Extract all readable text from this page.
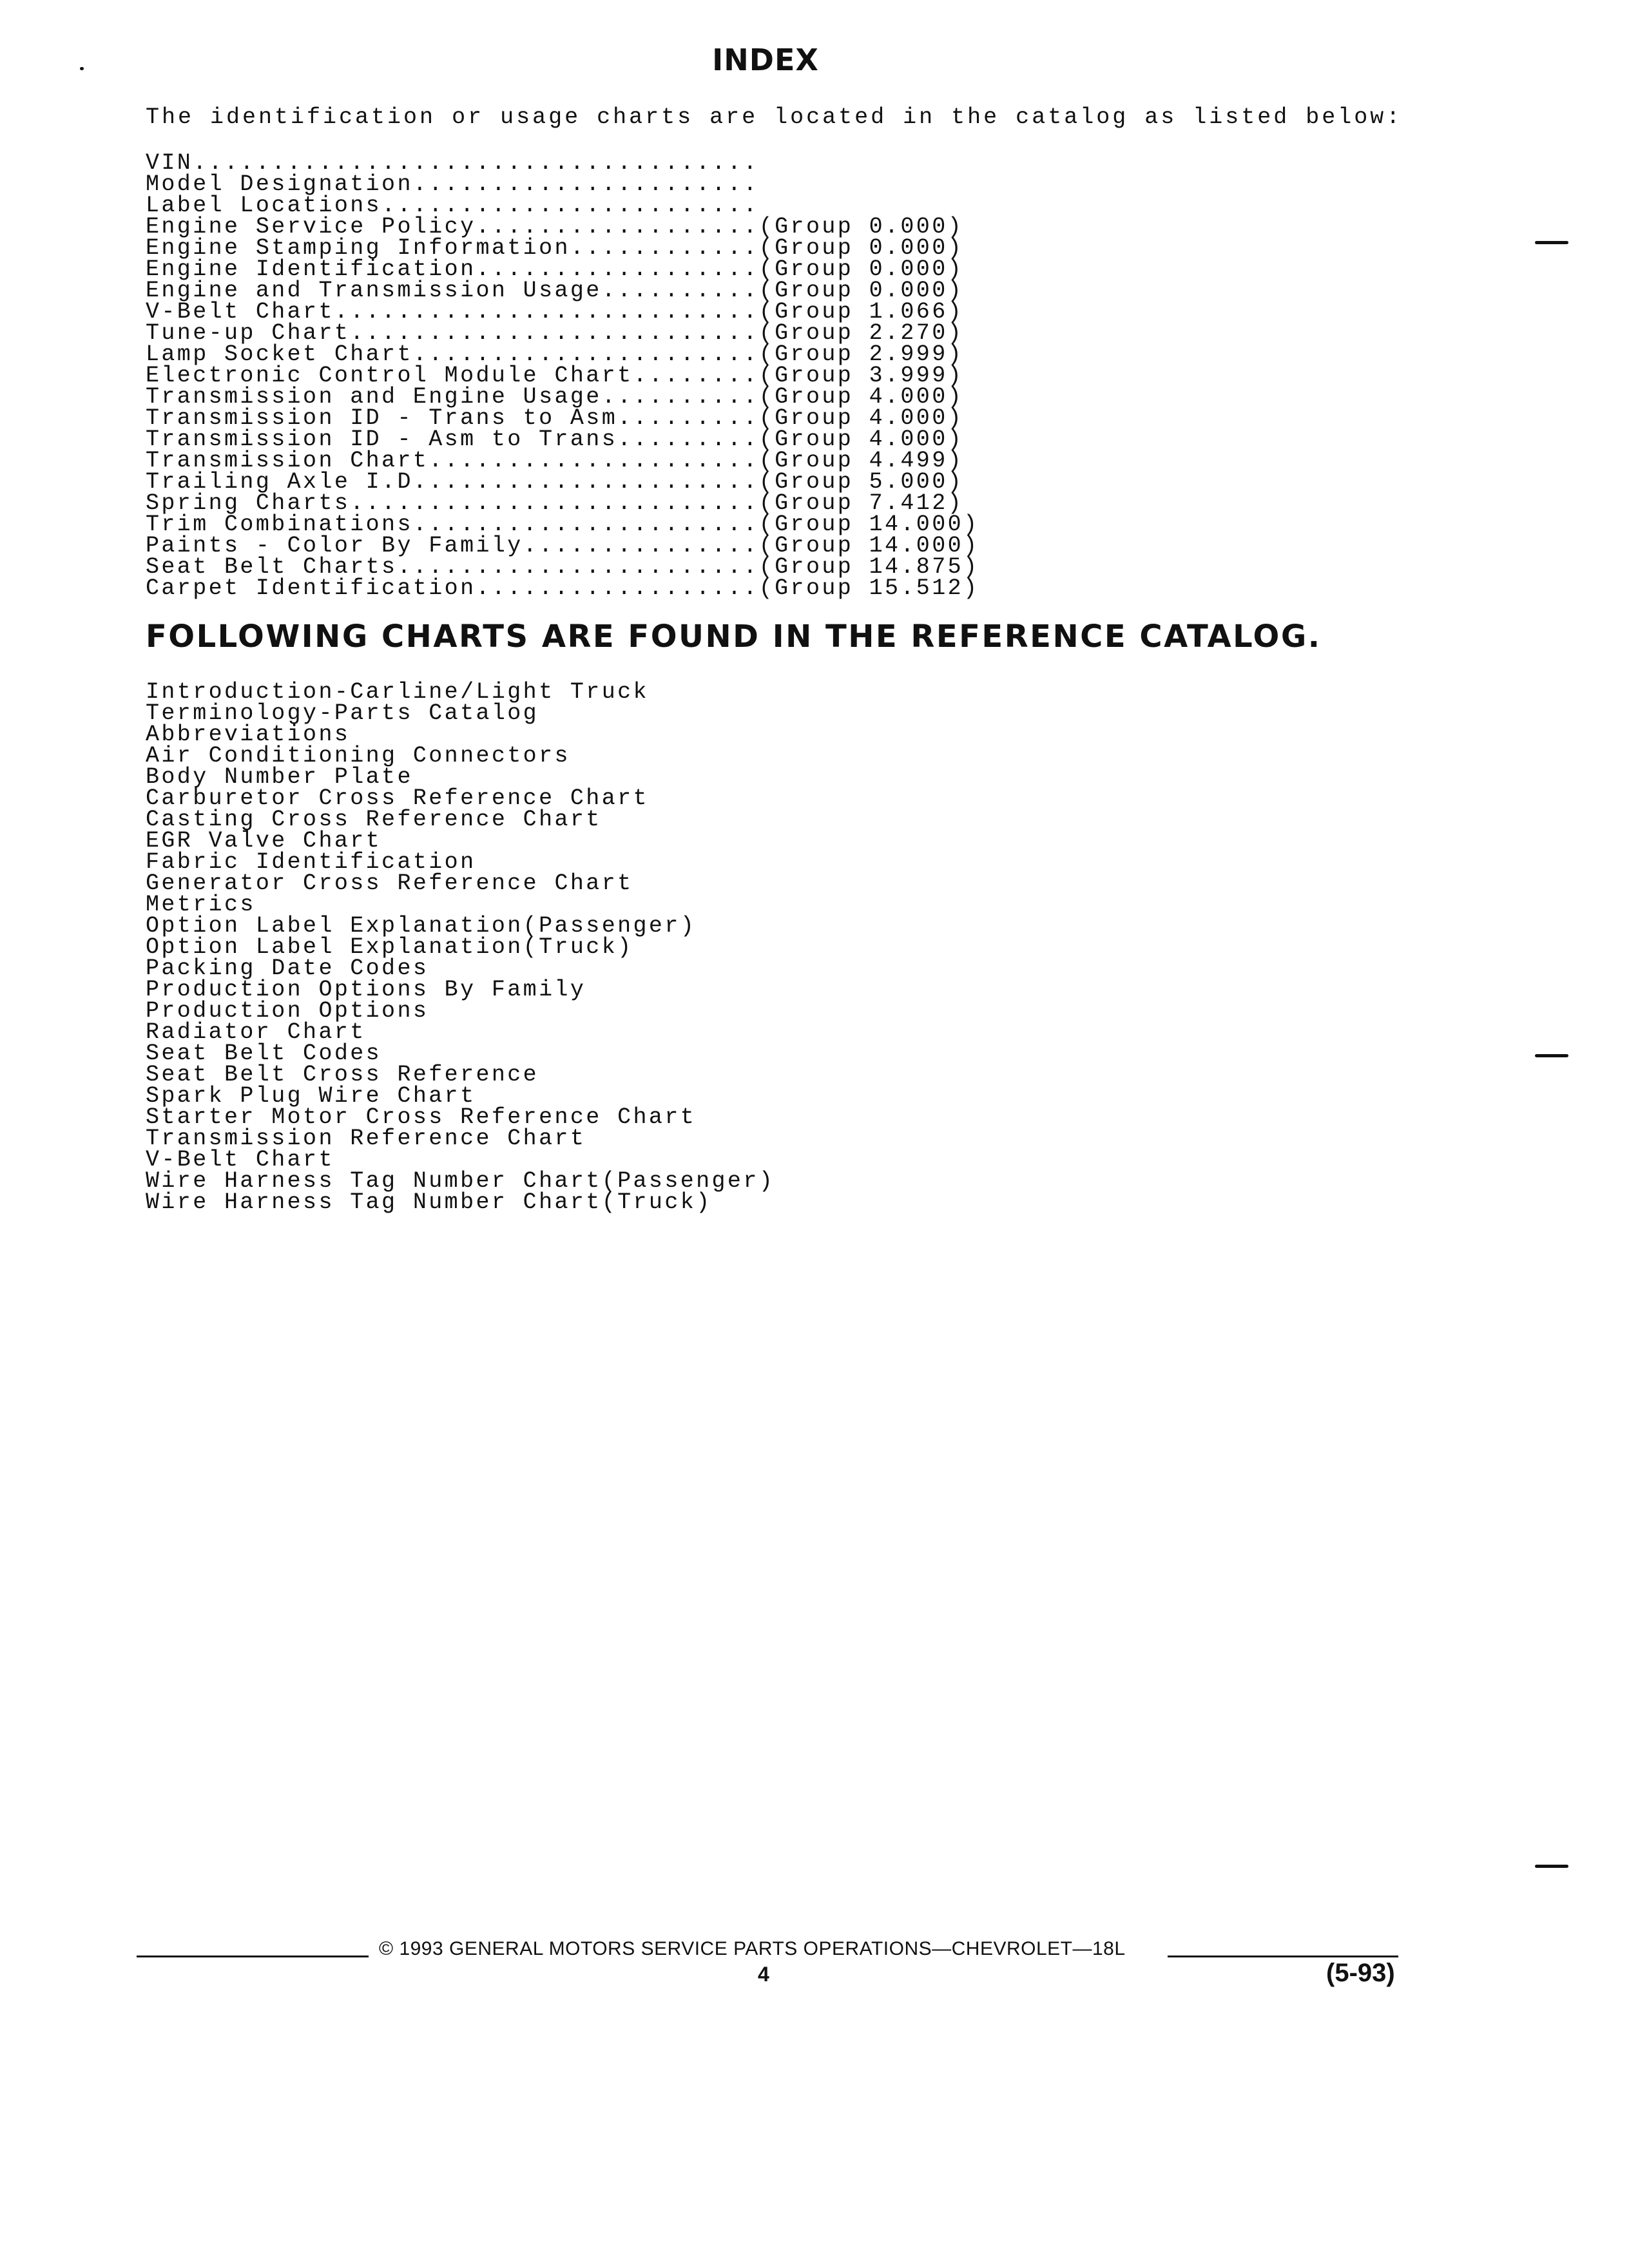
INDEX
The identification or usage charts are located in the catalog as listed below:
VIN....................................
Model Designation......................
Label Locations........................
Engine Service Policy..................(Group 0.000)
Engine Stamping Information............(Group 0.000)
Engine Identification..................(Group 0.000)
Engine and Transmission Usage..........(Group 0.000)
V-Belt Chart...........................(Group 1.066)
Tune-up Chart..........................(Group 2.270)
Lamp Socket Chart......................(Group 2.999)
Electronic Control Module Chart........(Group 3.999)
Transmission and Engine Usage..........(Group 4.000)
Transmission ID - Trans to Asm.........(Group 4.000)
Transmission ID - Asm to Trans.........(Group 4.000)
Transmission Chart.....................(Group 4.499)
Trailing Axle I.D......................(Group 5.000)
Spring Charts..........................(Group 7.412)
Trim Combinations......................(Group 14.000)
Paints - Color By Family...............(Group 14.000)
Seat Belt Charts.......................(Group 14.875)
Carpet Identification..................(Group 15.512)
FOLLOWING CHARTS ARE FOUND IN THE REFERENCE CATALOG.
Introduction-Carline/Light Truck
Terminology-Parts Catalog
Abbreviations
Air Conditioning Connectors
Body Number Plate
Carburetor Cross Reference Chart
Casting Cross Reference Chart
EGR Valve Chart
Fabric Identification
Generator Cross Reference Chart
Metrics
Option Label Explanation(Passenger)
Option Label Explanation(Truck)
Packing Date Codes
Production Options By Family
Production Options
Radiator Chart
Seat Belt Codes
Seat Belt Cross Reference
Spark Plug Wire Chart
Starter Motor Cross Reference Chart
Transmission Reference Chart
V-Belt Chart
Wire Harness Tag Number Chart(Passenger)
Wire Harness Tag Number Chart(Truck)
© 1993 GENERAL MOTORS SERVICE PARTS OPERATIONS—CHEVROLET—18L
4	(5-93)
